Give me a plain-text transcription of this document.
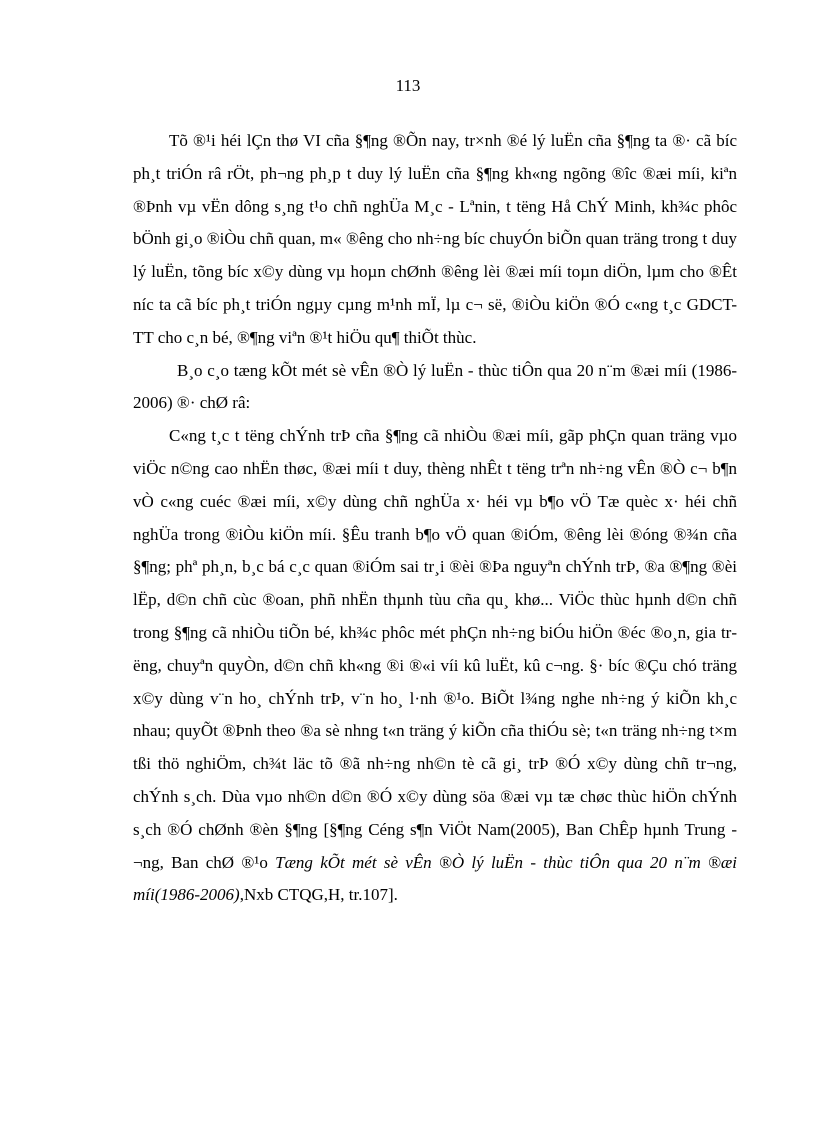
113

Tõ ®¹i héi lÇn thø VI cña §¶ng ®Õn nay, tr×nh ®é lý luËn cña §¶ng ta ®· cã bíc ph¸t triÓn râ rÖt, ph¬ng ph¸p t duy lý luËn cña §¶ng kh«ng ngõng ®îc ®æi míi, kiªn ®Þnh vµ vËn dông s¸ng t¹o chñ nghÜa M¸c - Lªnin, t tëng Hå ChÝ Minh, kh¾c phôc bÖnh gi¸o ®iÒu chñ quan, m« ®êng cho nh÷ng bíc chuyÓn biÕn quan träng trong t duy lý luËn, tõng bíc x©y dùng vµ hoµn chØnh ®êng lèi ®æi míi toµn diÖn, lµm cho ®Êt níc ta cã bíc ph¸t triÓn ngµy cµng m¹nh mÏ, lµ c¬ së, ®iÒu kiÖn ®Ó c«ng t¸c GDCT-TT cho c¸n bé, ®¶ng viªn ®¹t hiÖu qu¶ thiÕt thùc.

B¸o c¸o tæng kÕt mét sè vÊn ®Ò lý luËn - thùc tiÔn qua 20 n¨m ®æi míi (1986-2006) ®· chØ râ:

C«ng t¸c t tëng chÝnh trÞ cña §¶ng cã nhiÒu ®æi míi, gãp phÇn quan träng vµo viÖc n©ng cao nhËn thøc, ®æi míi t duy, thèng nhÊt t tëng trªn nh÷ng vÊn ®Ò c¬ b¶n vÒ c«ng cuéc ®æi míi, x©y dùng chñ nghÜa x· héi vµ b¶o vÖ Tæ quèc x· héi chñ nghÜa trong ®iÒu kiÖn míi. §Êu tranh b¶o vÖ quan ®iÓm, ®êng lèi ®óng ®¾n cña §¶ng; phª ph¸n, b¸c bá c¸c quan ®iÓm sai tr¸i ®èi ®Þa nguyªn chÝnh trÞ, ®a ®¶ng ®èi lËp, d©n chñ cùc ®oan, phñ nhËn thµnh tùu cña qu¸ khø... ViÖc thùc hµnh d©n chñ trong §¶ng cã nhiÒu tiÕn bé, kh¾c phôc mét phÇn nh÷ng biÓu hiÖn ®éc ®o¸n, gia trëng, chuyªn quyÒn, d©n chñ kh«ng ®i ®«i víi kû luËt, kû c¬ng. §· bíc ®Çu chó träng x©y dùng v¨n ho¸ chÝnh trÞ, v¨n ho¸ l·nh ®¹o. BiÕt l¾ng nghe nh÷ng ý kiÕn kh¸c nhau; quyÕt ®Þnh theo ®a sè nhng t«n träng ý kiÕn cña thiÓu sè; t«n träng nh÷ng t×m tßi thö nghiÖm, ch¾t läc tõ ®ã nh÷ng nh©n tè cã gi¸ trÞ ®Ó x©y dùng chñ tr¬ng, chÝnh s¸ch. Dùa vµo nh©n d©n ®Ó x©y dùng söa ®æi vµ tæ chøc thùc hiÖn chÝnh s¸ch ®Ó chØnh ®èn §¶ng [§¶ng Céng s¶n ViÖt Nam(2005), Ban ChÊp hµnh Trung ¬ng, Ban chØ ®¹o Tæng kÕt mét sè vÊn ®Ò lý luËn - thùc tiÔn qua 20 n¨m ®æi míi(1986-2006),Nxb CTQG,H, tr.107].
